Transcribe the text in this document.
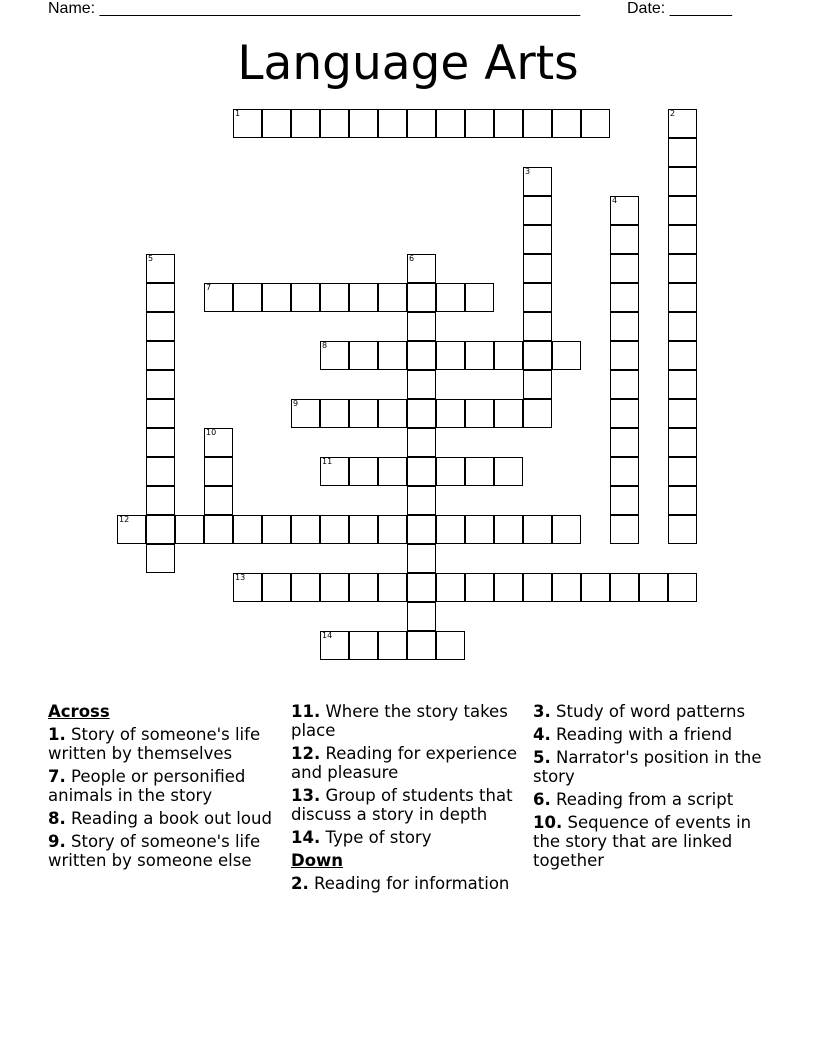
Name: ______________________________________________________	Date: _______
Language Arts
1	2
3
4
5	6
7
8
9
10
11
12
13
14
Across
1. Story of someone's life written by themselves
7. People or personified animals in the story
8. Reading a book out loud
9. Story of someone's life written by someone else
11. Where the story takes place
12. Reading for experience and pleasure
13. Group of students that discuss a story in depth
14. Type of story
Down
2. Reading for information
3. Study of word patterns
4. Reading with a friend
5. Narrator's position in the story
6. Reading from a script
10. Sequence of events in the story that are linked together
